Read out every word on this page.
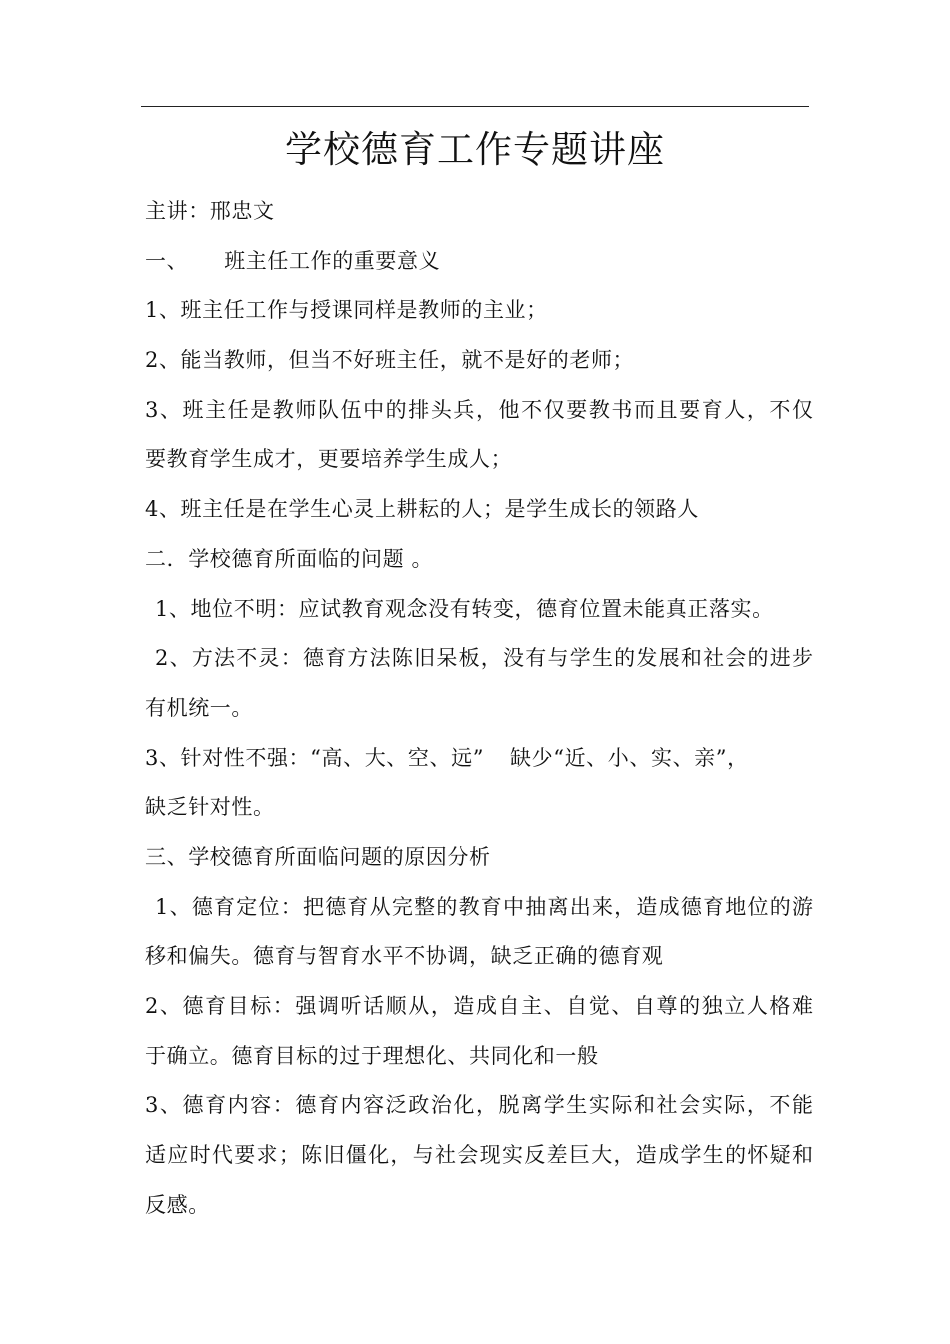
学校德育工作专题讲座
主讲：邢忠文
一、 班主任工作的重要意义
1、班主任工作与授课同样是教师的主业；
2、能当教师，但当不好班主任，就不是好的老师；
3、班主任是教师队伍中的排头兵，他不仅要教书而且要育人，不仅
要教育学生成才，更要培养学生成人；
4、班主任是在学生心灵上耕耘的人；是学生成长的领路人
二．学校德育所面临的问题 。
1、地位不明：应试教育观念没有转变，德育位置未能真正落实。
2、方法不灵：德育方法陈旧呆板，没有与学生的发展和社会的进步
有机统一。
3、针对性不强：“高、大、空、远” 缺少“近、小、实、亲”，
缺乏针对性。
三、学校德育所面临问题的原因分析
1、德育定位：把德育从完整的教育中抽离出来，造成德育地位的游
移和偏失。德育与智育水平不协调，缺乏正确的德育观
2、德育目标：强调听话顺从，造成自主、自觉、自尊的独立人格难
于确立。德育目标的过于理想化、共同化和一般
3、德育内容：德育内容泛政治化，脱离学生实际和社会实际，不能
适应时代要求；陈旧僵化，与社会现实反差巨大，造成学生的怀疑和
反感。
